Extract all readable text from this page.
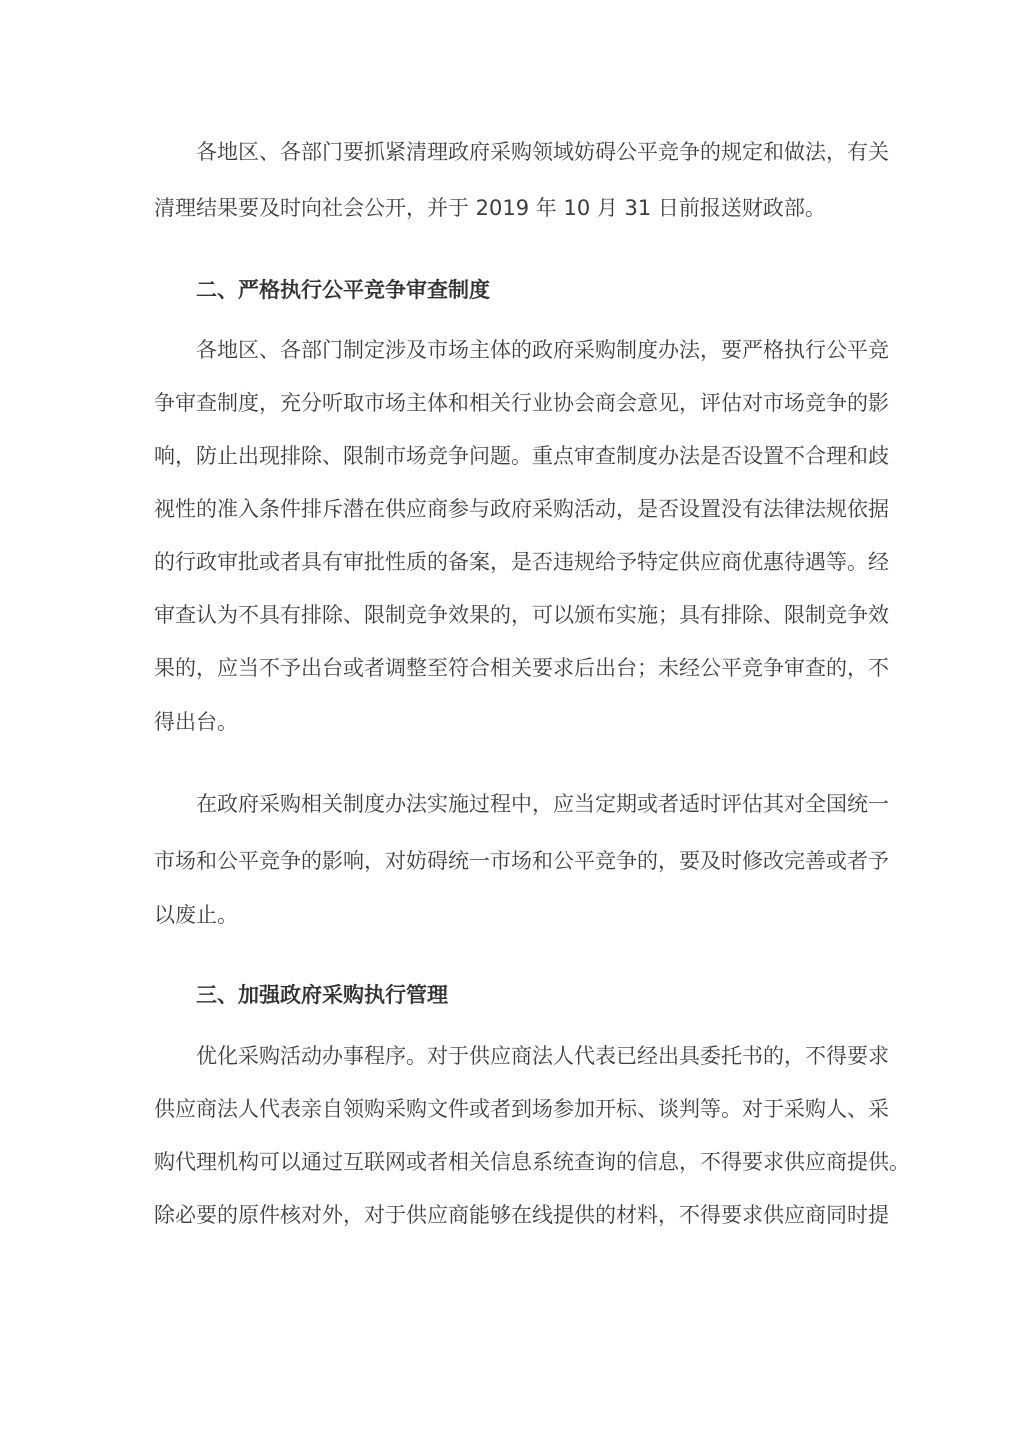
各地区、各部门要抓紧清理政府采购领域妨碍公平竞争的规定和做法，有关
清理结果要及时向社会公开，并于 2019 年 10 月 31 日前报送财政部。
二、严格执行公平竞争审查制度
各地区、各部门制定涉及市场主体的政府采购制度办法，要严格执行公平竞
争审查制度，充分听取市场主体和相关行业协会商会意见，评估对市场竞争的影
响，防止出现排除、限制市场竞争问题。重点审查制度办法是否设置不合理和歧
视性的准入条件排斥潜在供应商参与政府采购活动，是否设置没有法律法规依据
的行政审批或者具有审批性质的备案，是否违规给予特定供应商优惠待遇等。经
审查认为不具有排除、限制竞争效果的，可以颁布实施；具有排除、限制竞争效
果的，应当不予出台或者调整至符合相关要求后出台；未经公平竞争审查的，不
得出台。
在政府采购相关制度办法实施过程中，应当定期或者适时评估其对全国统一
市场和公平竞争的影响，对妨碍统一市场和公平竞争的，要及时修改完善或者予
以废止。
三、加强政府采购执行管理
优化采购活动办事程序。对于供应商法人代表已经出具委托书的，不得要求
供应商法人代表亲自领购采购文件或者到场参加开标、谈判等。对于采购人、采
购代理机构可以通过互联网或者相关信息系统查询的信息，不得要求供应商提供。
除必要的原件核对外，对于供应商能够在线提供的材料，不得要求供应商同时提
